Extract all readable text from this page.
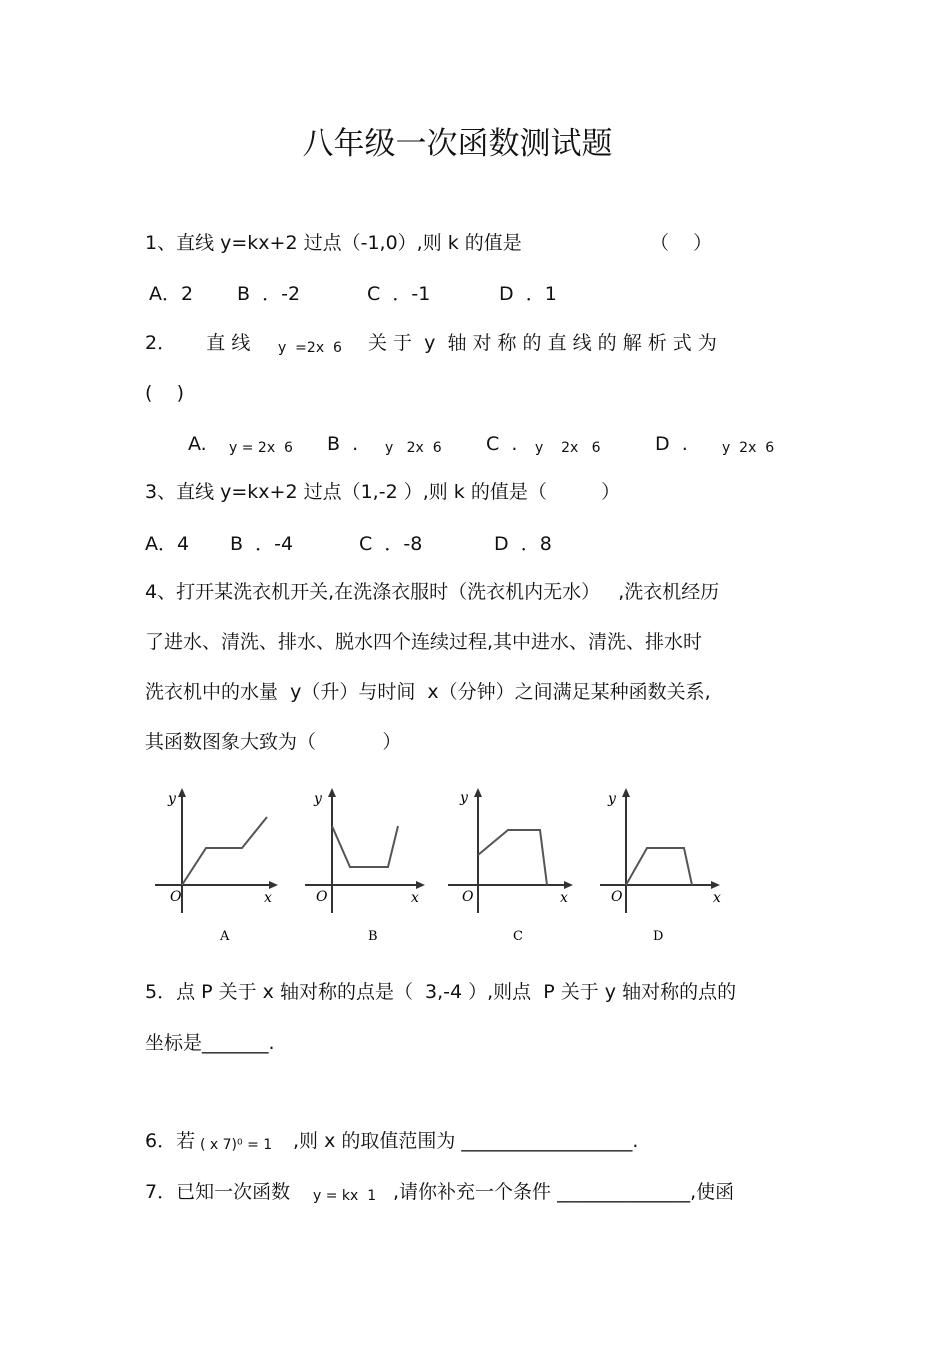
八年级一次函数测试题
1、直线 y=kx+2 过点（-1,0）,则 k 的值是	（    ）
A．2 B  ．-2	C  ．-1	D  ．1
2．     直 线 y  =2x  6 关 于  y  轴 对 称 的 直 线 的 解 析 式 为
(    )
A. y = 2x  6 B  . y   2x  6 C  . y    2x   6	D  . y  2x  6
3、直线 y=kx+2 过点（1,-2 ）,则 k 的值是（         ）
A．4 B  ．-4	C  ．-8	D  ．8
4、打开某洗衣机开关,在洗涤衣服时（洗衣机内无水）   ,洗衣机经历
了进水、清洗、排水、脱水四个连续过程,其中进水、清洗、排水时
洗衣机中的水量  y（升）与时间  x（分钟）之间满足某种函数关系,
其函数图象大致为（           ）
y
x
O
A
y
x
O
B
y
x
O
C
y
x
O
D
5．点 P 关于 x 轴对称的点是（  3,-4 ）,则点  P 关于 y 轴对称的点的
坐标是_______.
6．若 ( x 7)⁰ = 1 ,则 x 的取值范围为 __________________.
7．已知一次函数 y = kx  1 ,请你补充一个条件 ______________,使函
